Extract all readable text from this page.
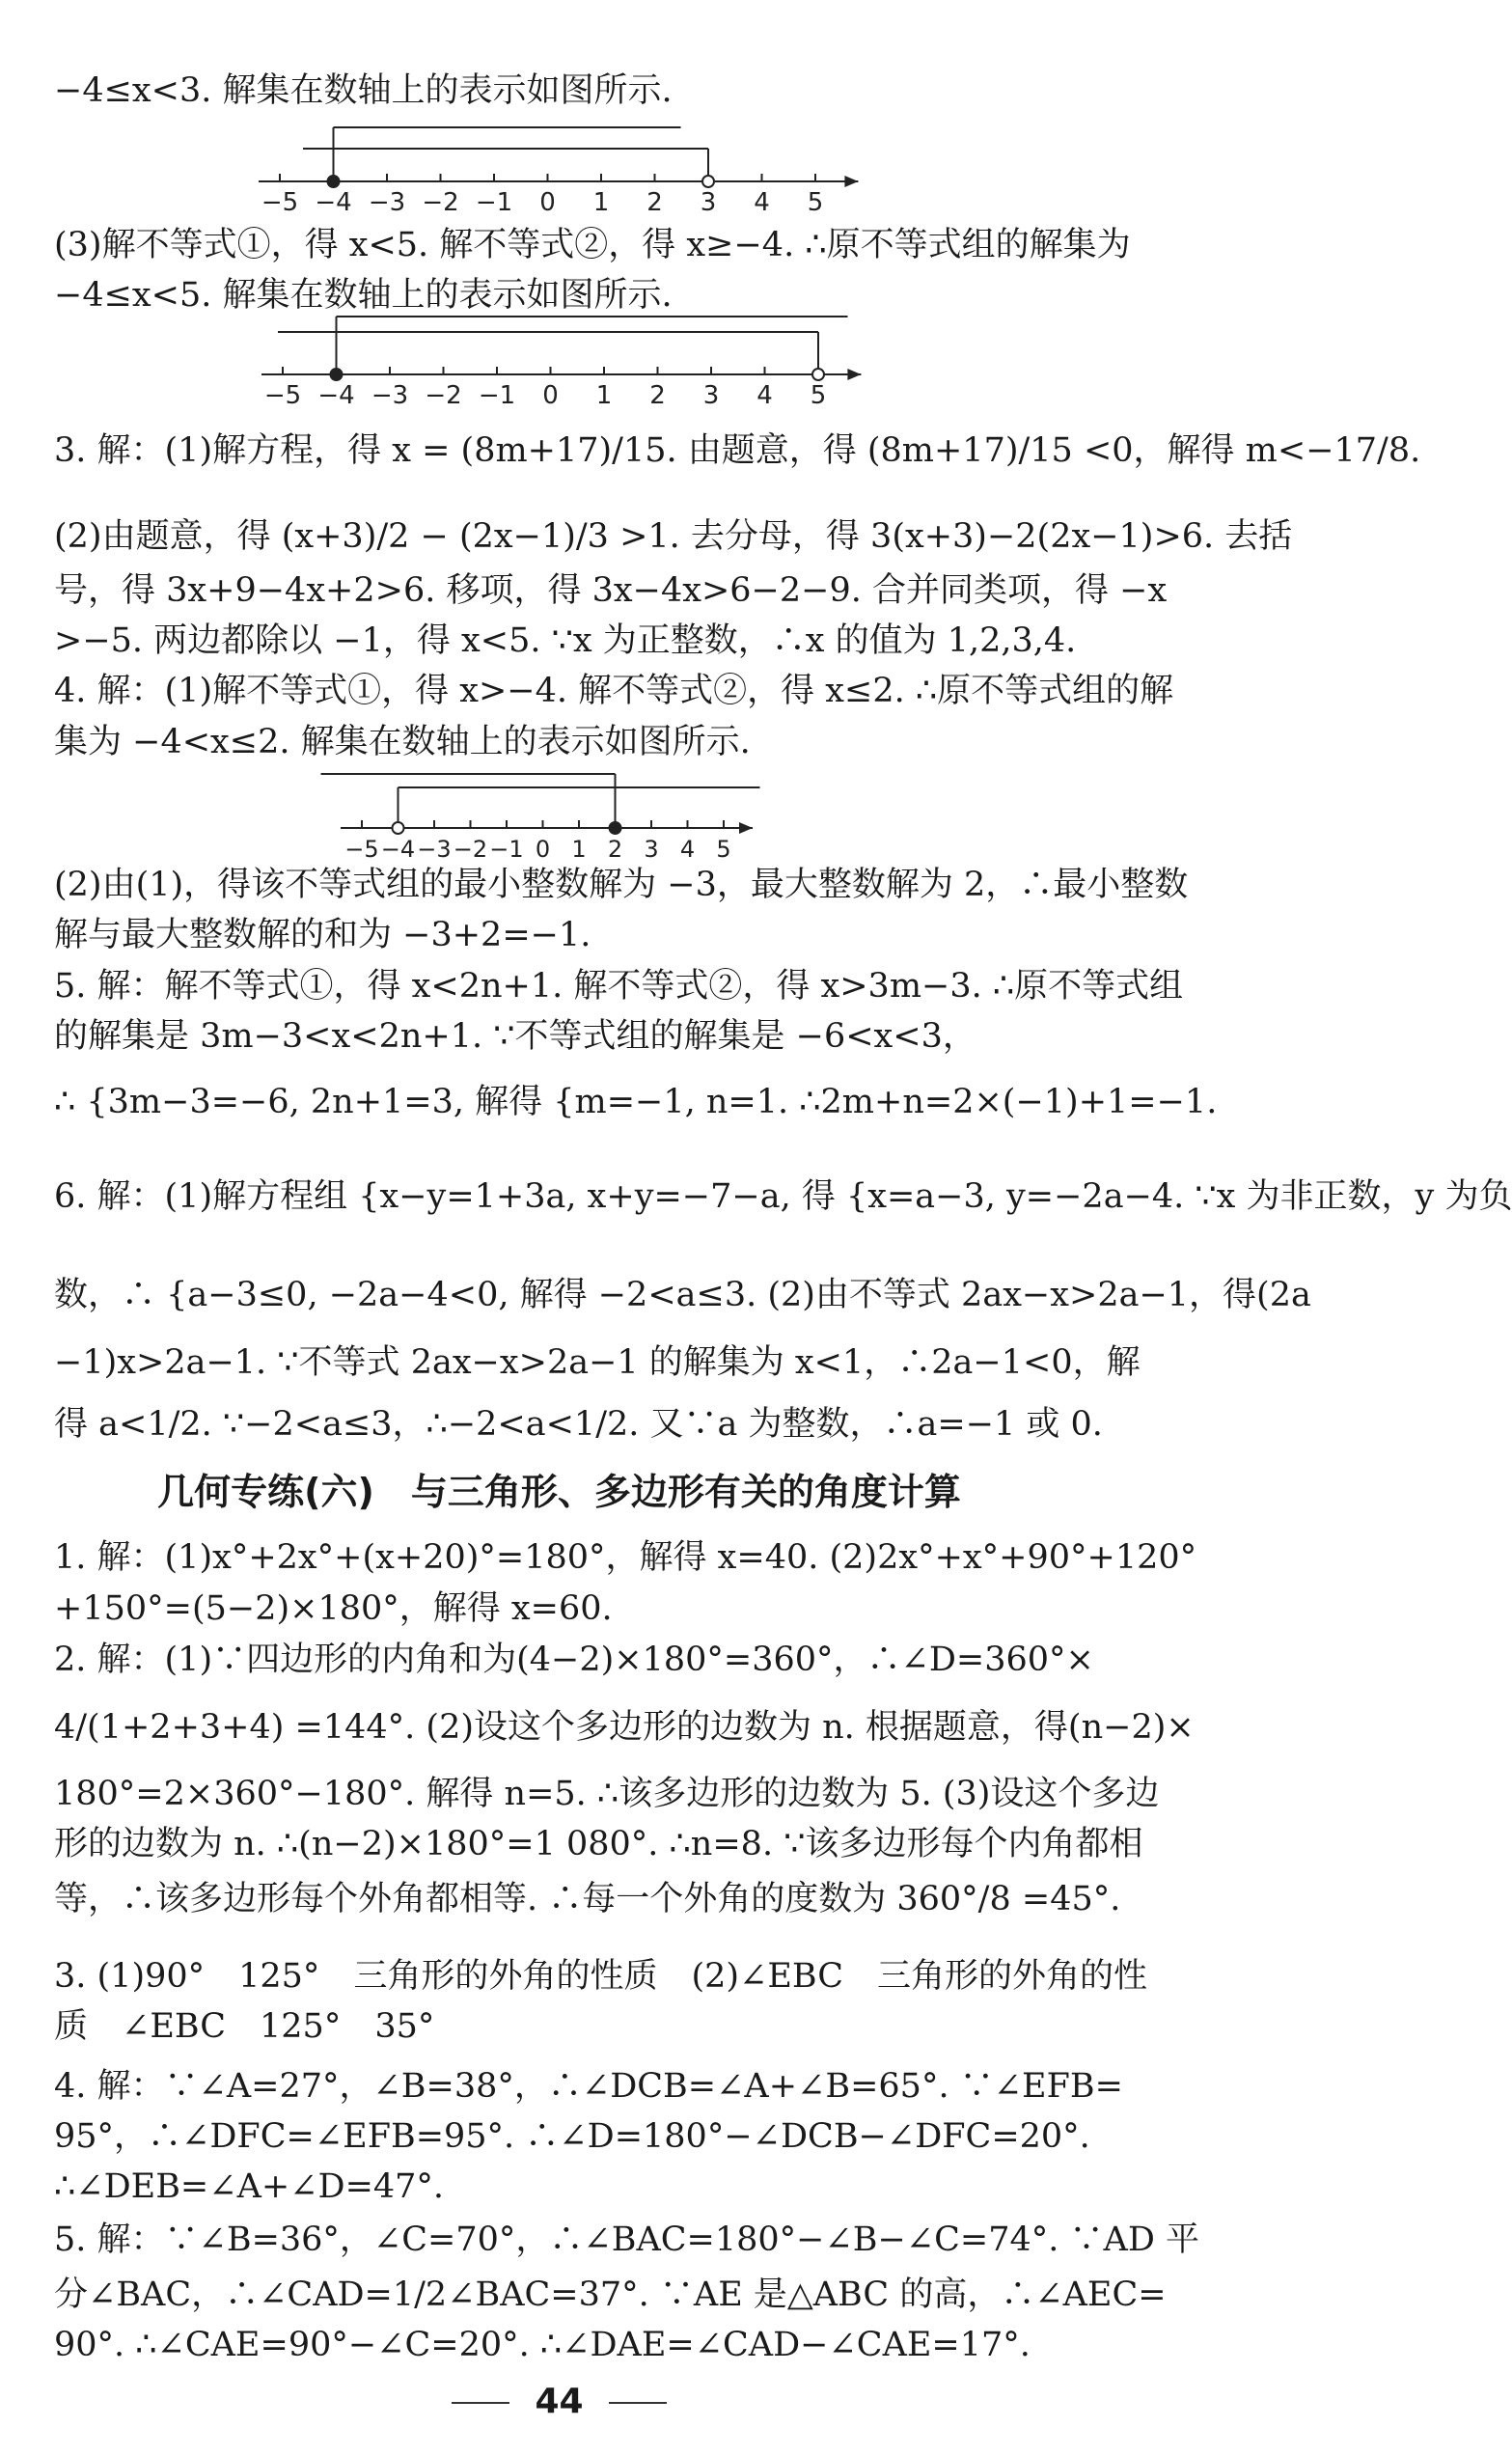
−4≤x<3. 解集在数轴上的表示如图所示.
(3)解不等式①，得 x<5. 解不等式②，得 x≥−4. ∴原不等式组的解集为
−4≤x<5. 解集在数轴上的表示如图所示.
3. 解：(1)解方程，得 x = (8m+17)/15. 由题意，得 (8m+17)/15 <0，解得 m<−17/8.
(2)由题意，得 (x+3)/2 − (2x−1)/3 >1. 去分母，得 3(x+3)−2(2x−1)>6. 去括
号，得 3x+9−4x+2>6. 移项，得 3x−4x>6−2−9. 合并同类项，得 −x
>−5. 两边都除以 −1，得 x<5. ∵x 为正整数，∴x 的值为 1,2,3,4.
4. 解：(1)解不等式①，得 x>−4. 解不等式②，得 x≤2. ∴原不等式组的解
集为 −4<x≤2. 解集在数轴上的表示如图所示.
(2)由(1)，得该不等式组的最小整数解为 −3，最大整数解为 2，∴最小整数
解与最大整数解的和为 −3+2=−1.
5. 解：解不等式①，得 x<2n+1. 解不等式②，得 x>3m−3. ∴原不等式组
的解集是 3m−3<x<2n+1. ∵不等式组的解集是 −6<x<3，
∴ {3m−3=−6, 2n+1=3, 解得 {m=−1, n=1. ∴2m+n=2×(−1)+1=−1.
6. 解：(1)解方程组 {x−y=1+3a, x+y=−7−a, 得 {x=a−3, y=−2a−4. ∵x 为非正数，y 为负
数，∴ {a−3≤0, −2a−4<0, 解得 −2<a≤3. (2)由不等式 2ax−x>2a−1，得(2a
−1)x>2a−1. ∵不等式 2ax−x>2a−1 的解集为 x<1，∴2a−1<0，解
得 a<1/2. ∵−2<a≤3，∴−2<a<1/2. 又∵a 为整数，∴a=−1 或 0.
几何专练(六)　与三角形、多边形有关的角度计算
1. 解：(1)x°+2x°+(x+20)°=180°，解得 x=40. (2)2x°+x°+90°+120°
+150°=(5−2)×180°，解得 x=60.
2. 解：(1)∵四边形的内角和为(4−2)×180°=360°，∴∠D=360°×
4/(1+2+3+4) =144°. (2)设这个多边形的边数为 n. 根据题意，得(n−2)×
180°=2×360°−180°. 解得 n=5. ∴该多边形的边数为 5. (3)设这个多边
形的边数为 n. ∴(n−2)×180°=1 080°. ∴n=8. ∵该多边形每个内角都相
等，∴该多边形每个外角都相等. ∴每一个外角的度数为 360°/8 =45°.
3. (1)90°　125°　三角形的外角的性质　(2)∠EBC　三角形的外角的性
质　∠EBC　125°　35°
4. 解：∵∠A=27°，∠B=38°，∴∠DCB=∠A+∠B=65°. ∵∠EFB=
95°，∴∠DFC=∠EFB=95°. ∴∠D=180°−∠DCB−∠DFC=20°.
∴∠DEB=∠A+∠D=47°.
5. 解：∵∠B=36°，∠C=70°，∴∠BAC=180°−∠B−∠C=74°. ∵AD 平
分∠BAC，∴∠CAD=1/2∠BAC=37°. ∵AE 是△ABC 的高，∴∠AEC=
90°. ∴∠CAE=90°−∠C=20°. ∴∠DAE=∠CAD−∠CAE=17°.
−5 −4 −3 −2 −1 0 1 2 3 4 5
−5 −4 −3 −2 −1 0 1 2 3 4 5
−5 −4 −3 −2 −1 0 1 2 3 4 5
44
